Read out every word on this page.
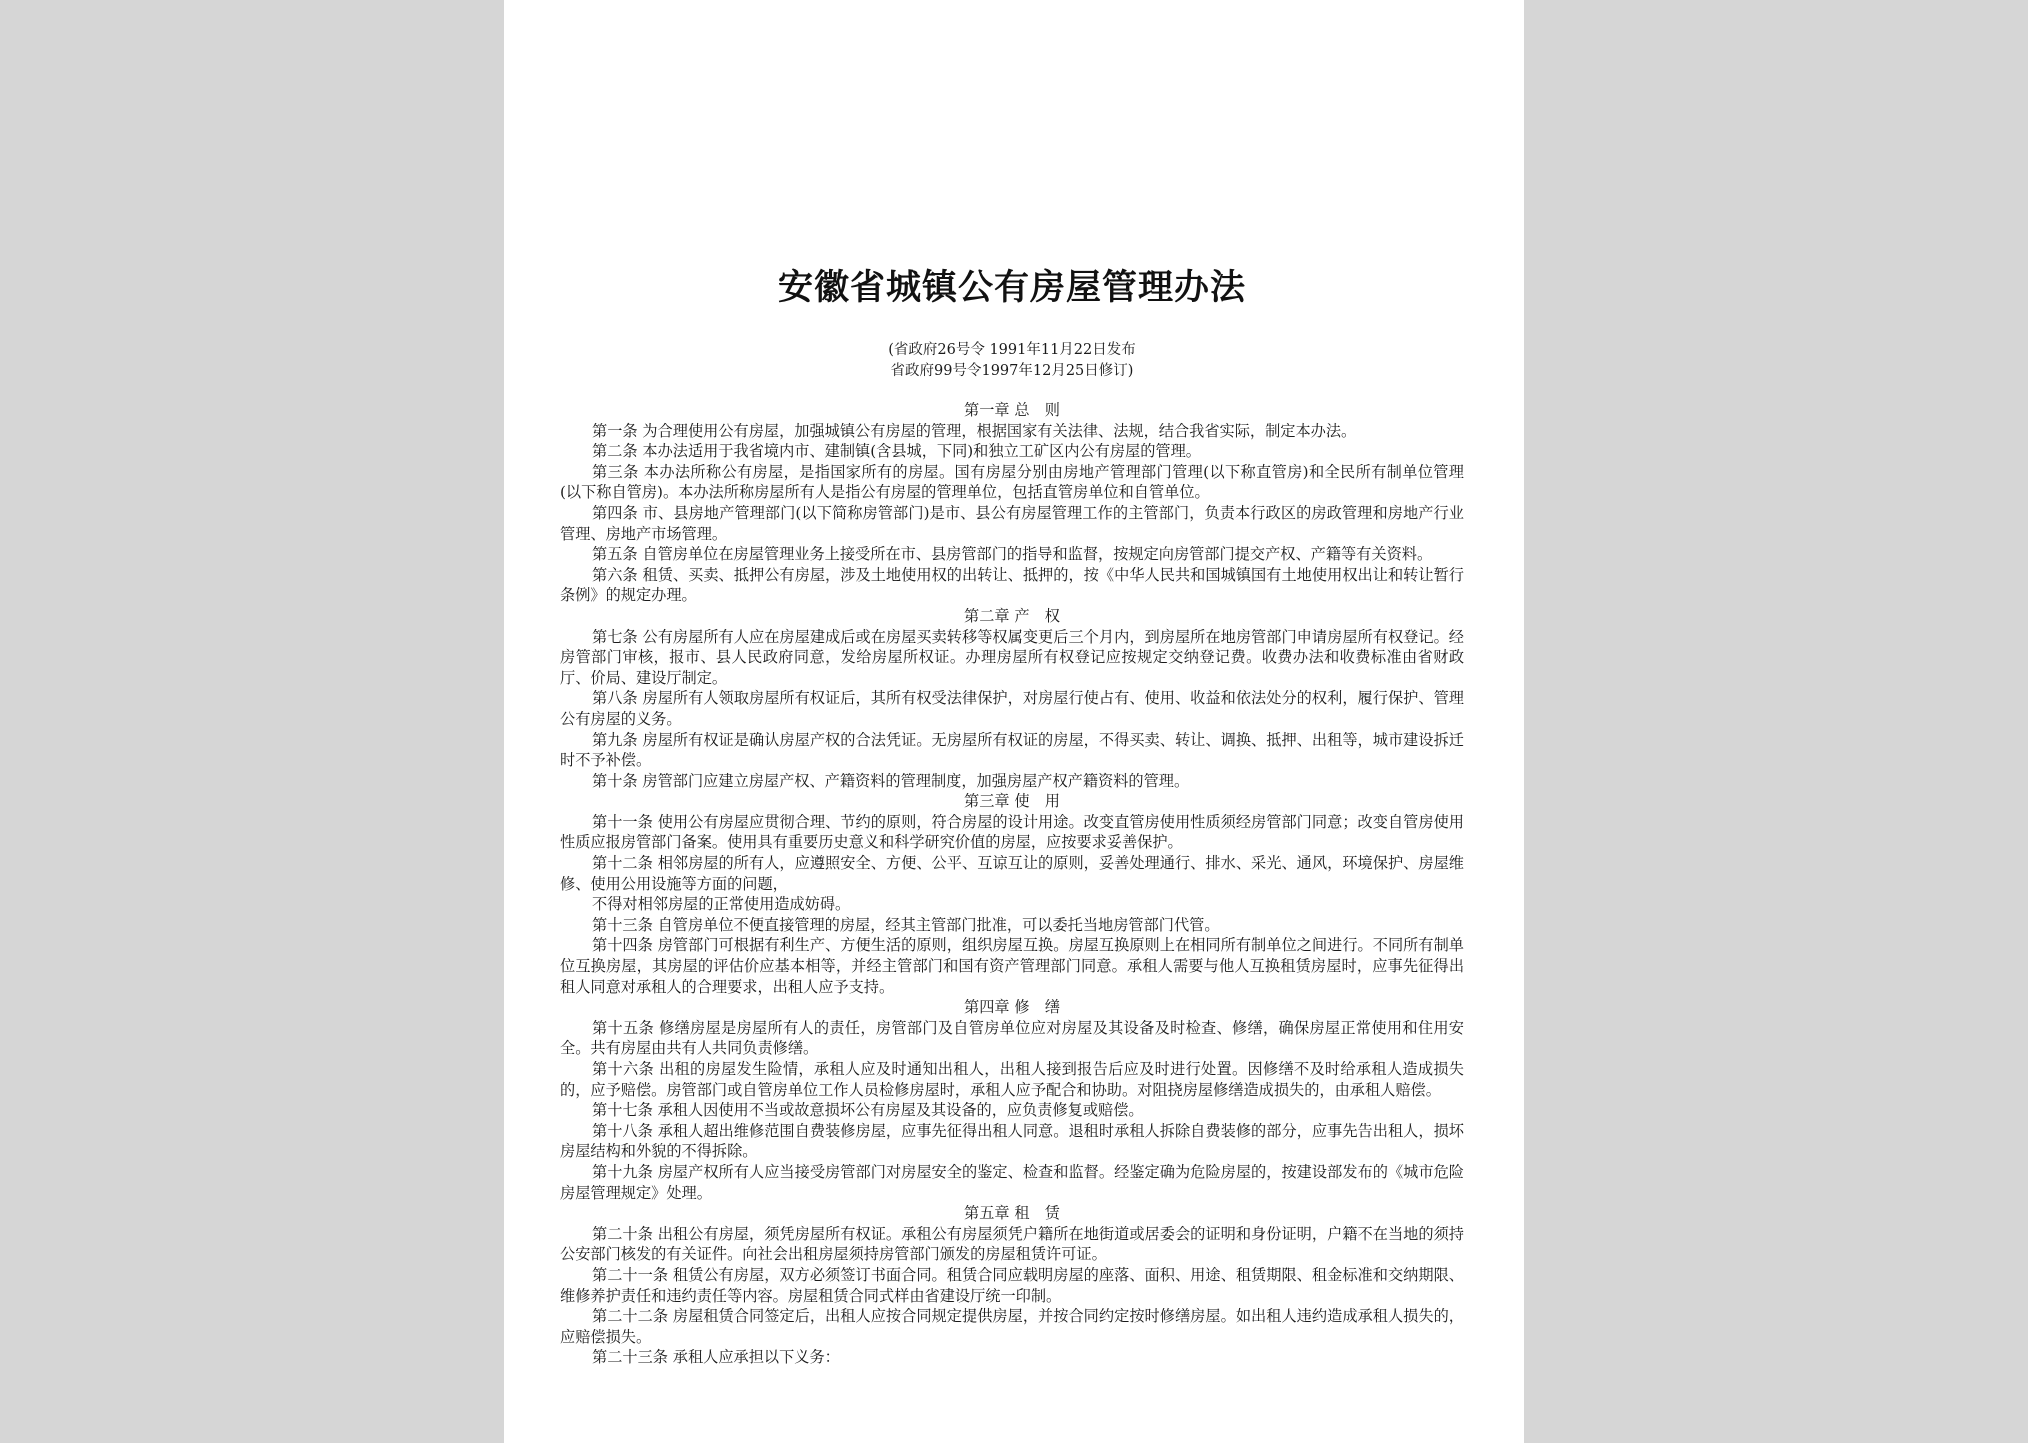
安徽省城镇公有房屋管理办法
(省政府26号令 1991年11月22日发布
省政府99号令1997年12月25日修订)
第一章 总　则
第一条 为合理使用公有房屋，加强城镇公有房屋的管理，根据国家有关法律、法规，结合我省实际，制定本办法。
第二条 本办法适用于我省境内市、建制镇(含县城，下同)和独立工矿区内公有房屋的管理。
第三条 本办法所称公有房屋，是指国家所有的房屋。国有房屋分别由房地产管理部门管理(以下称直管房)和全民所有制单位管理(以下称自管房)。本办法所称房屋所有人是指公有房屋的管理单位，包括直管房单位和自管单位。
第四条 市、县房地产管理部门(以下简称房管部门)是市、县公有房屋管理工作的主管部门，负责本行政区的房政管理和房地产行业管理、房地产市场管理。
第五条 自管房单位在房屋管理业务上接受所在市、县房管部门的指导和监督，按规定向房管部门提交产权、产籍等有关资料。
第六条 租赁、买卖、抵押公有房屋，涉及土地使用权的出转让、抵押的，按《中华人民共和国城镇国有土地使用权出让和转让暂行条例》的规定办理。
第二章 产　权
第七条 公有房屋所有人应在房屋建成后或在房屋买卖转移等权属变更后三个月内，到房屋所在地房管部门申请房屋所有权登记。经房管部门审核，报市、县人民政府同意，发给房屋所权证。办理房屋所有权登记应按规定交纳登记费。收费办法和收费标准由省财政厅、价局、建设厅制定。
第八条 房屋所有人领取房屋所有权证后，其所有权受法律保护，对房屋行使占有、使用、收益和依法处分的权利，履行保护、管理公有房屋的义务。
第九条 房屋所有权证是确认房屋产权的合法凭证。无房屋所有权证的房屋，不得买卖、转让、调换、抵押、出租等，城市建设拆迁时不予补偿。
第十条 房管部门应建立房屋产权、产籍资料的管理制度，加强房屋产权产籍资料的管理。
第三章 使　用
第十一条 使用公有房屋应贯彻合理、节约的原则，符合房屋的设计用途。改变直管房使用性质须经房管部门同意；改变自管房使用性质应报房管部门备案。使用具有重要历史意义和科学研究价值的房屋，应按要求妥善保护。
第十二条 相邻房屋的所有人，应遵照安全、方便、公平、互谅互让的原则，妥善处理通行、排水、采光、通风，环境保护、房屋维修、使用公用设施等方面的问题，
不得对相邻房屋的正常使用造成妨碍。
第十三条 自管房单位不便直接管理的房屋，经其主管部门批准，可以委托当地房管部门代管。
第十四条 房管部门可根据有利生产、方便生活的原则，组织房屋互换。房屋互换原则上在相同所有制单位之间进行。不同所有制单位互换房屋，其房屋的评估价应基本相等，并经主管部门和国有资产管理部门同意。承租人需要与他人互换租赁房屋时，应事先征得出租人同意对承租人的合理要求，出租人应予支持。
第四章 修　缮
第十五条 修缮房屋是房屋所有人的责任，房管部门及自管房单位应对房屋及其设备及时检查、修缮，确保房屋正常使用和住用安全。共有房屋由共有人共同负责修缮。
第十六条 出租的房屋发生险情，承租人应及时通知出租人，出租人接到报告后应及时进行处置。因修缮不及时给承租人造成损失的，应予赔偿。房管部门或自管房单位工作人员检修房屋时，承租人应予配合和协助。对阻挠房屋修缮造成损失的，由承租人赔偿。
第十七条 承租人因使用不当或故意损坏公有房屋及其设备的，应负责修复或赔偿。
第十八条 承租人超出维修范围自费装修房屋，应事先征得出租人同意。退租时承租人拆除自费装修的部分，应事先告出租人，损坏房屋结构和外貌的不得拆除。
第十九条 房屋产权所有人应当接受房管部门对房屋安全的鉴定、检查和监督。经鉴定确为危险房屋的，按建设部发布的《城市危险房屋管理规定》处理。
第五章 租　赁
第二十条 出租公有房屋，须凭房屋所有权证。承租公有房屋须凭户籍所在地街道或居委会的证明和身份证明，户籍不在当地的须持公安部门核发的有关证件。向社会出租房屋须持房管部门颁发的房屋租赁许可证。
第二十一条 租赁公有房屋，双方必须签订书面合同。租赁合同应载明房屋的座落、面积、用途、租赁期限、租金标准和交纳期限、维修养护责任和违约责任等内容。房屋租赁合同式样由省建设厅统一印制。
第二十二条 房屋租赁合同签定后，出租人应按合同规定提供房屋，并按合同约定按时修缮房屋。如出租人违约造成承租人损失的，应赔偿损失。
第二十三条 承租人应承担以下义务：
